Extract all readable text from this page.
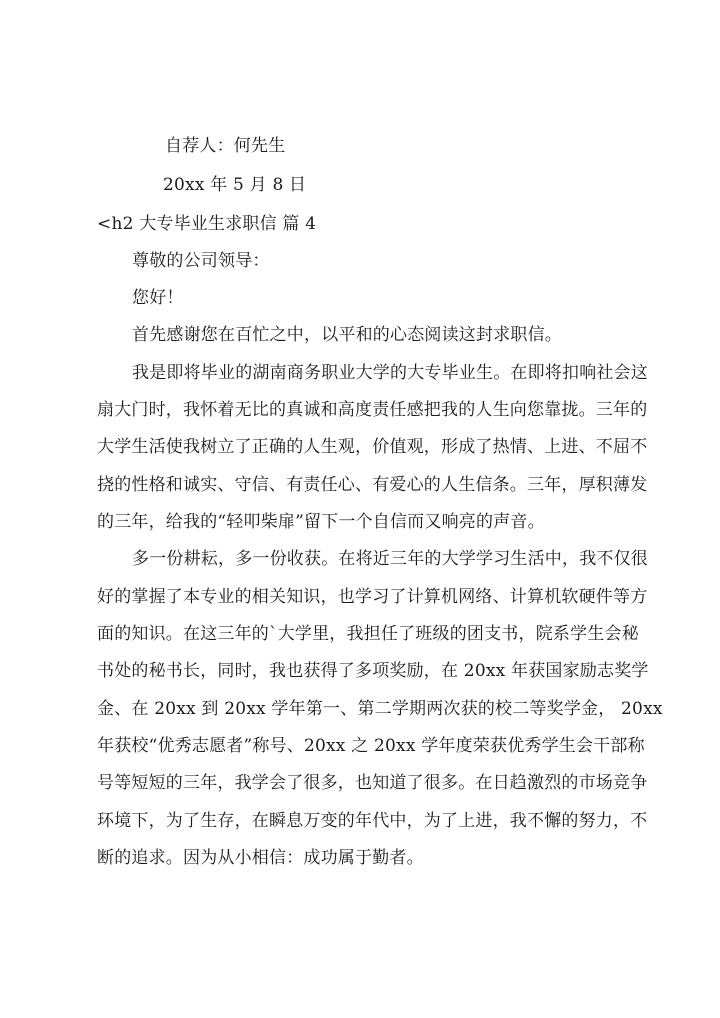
自荐人：何先生
20xx 年 5 月 8 日
<h2 大专毕业生求职信 篇 4
尊敬的公司领导：
您好！
首先感谢您在百忙之中，以平和的心态阅读这封求职信。
我是即将毕业的湖南商务职业大学的大专毕业生。在即将扣响社会这
扇大门时，我怀着无比的真诚和高度责任感把我的人生向您靠拢。三年的
大学生活使我树立了正确的人生观，价值观，形成了热情、上进、不屈不
挠的性格和诚实、守信、有责任心、有爱心的人生信条。三年，厚积薄发
的三年，给我的“轻叩柴扉”留下一个自信而又响亮的声音。
多一份耕耘，多一份收获。在将近三年的大学学习生活中，我不仅很
好的掌握了本专业的相关知识，也学习了计算机网络、计算机软硬件等方
面的知识。在这三年的`大学里，我担任了班级的团支书，院系学生会秘
书处的秘书长，同时，我也获得了多项奖励，在 20xx 年获国家励志奖学
金、在 20xx 到 20xx 学年第一、第二学期两次获的校二等奖学金， 20xx
年获校“优秀志愿者”称号、20xx 之 20xx 学年度荣获优秀学生会干部称
号等短短的三年，我学会了很多，也知道了很多。在日趋激烈的市场竞争
环境下，为了生存，在瞬息万变的年代中，为了上进，我不懈的努力，不
断的追求。因为从小相信：成功属于勤者。
